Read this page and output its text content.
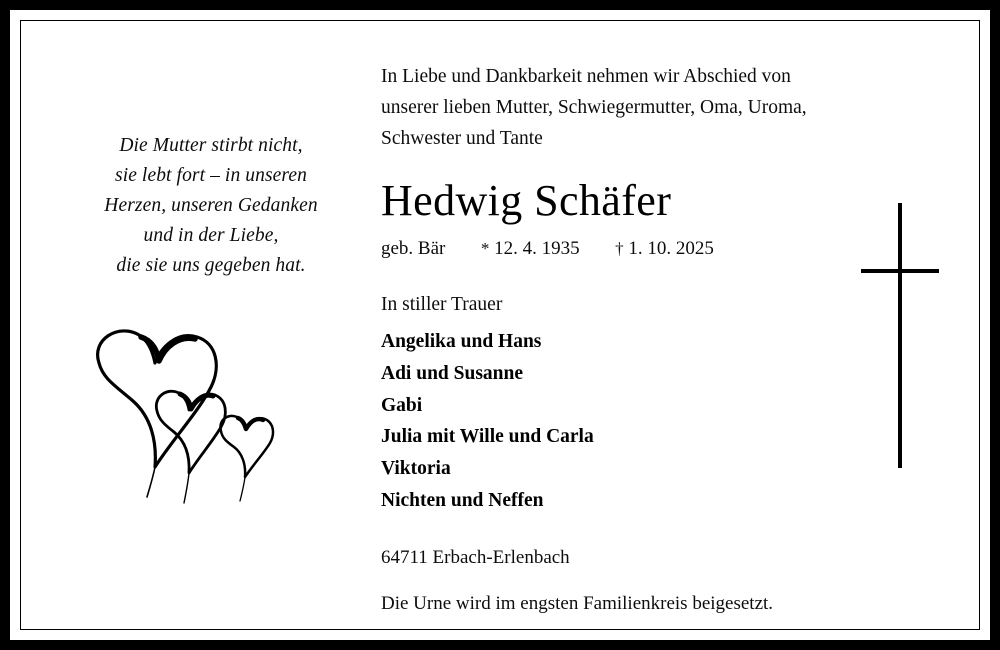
Die Mutter stirbt nicht,
sie lebt fort – in unseren
Herzen, unseren Gedanken
und in der Liebe,
die sie uns gegeben hat.
In Liebe und Dankbarkeit nehmen wir Abschied von
unserer lieben Mutter, Schwiegermutter, Oma, Uroma,
Schwester und Tante
Hedwig Schäfer
geb. Bär * 12. 4. 1935 † 1. 10. 2025
In stiller Trauer
Angelika und Hans
Adi und Susanne
Gabi
Julia mit Wille und Carla
Viktoria
Nichten und Neffen
64711 Erbach-Erlenbach
Die Urne wird im engsten Familienkreis beigesetzt.
